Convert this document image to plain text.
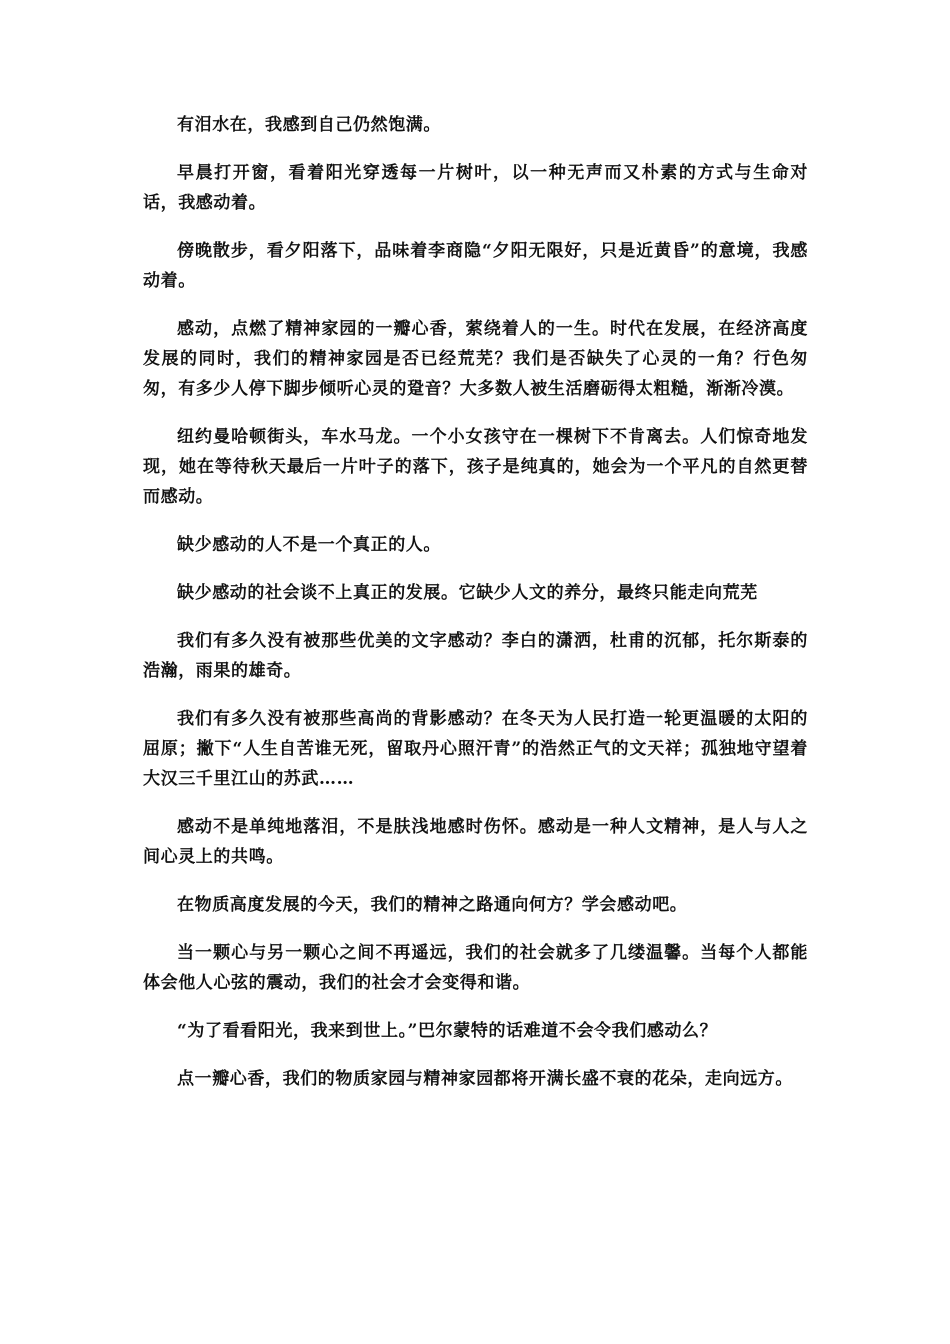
有泪水在，我感到自己仍然饱满。

早晨打开窗，看着阳光穿透每一片树叶，以一种无声而又朴素的方式与生命对话，我感动着。

傍晚散步，看夕阳落下，品味着李商隐“夕阳无限好，只是近黄昏”的意境，我感动着。

感动，点燃了精神家园的一瓣心香，萦绕着人的一生。时代在发展，在经济高度发展的同时，我们的精神家园是否已经荒芜？我们是否缺失了心灵的一角？行色匆匆，有多少人停下脚步倾听心灵的跫音？大多数人被生活磨砺得太粗糙，渐渐冷漠。

纽约曼哈顿街头，车水马龙。一个小女孩守在一棵树下不肯离去。人们惊奇地发现，她在等待秋天最后一片叶子的落下，孩子是纯真的，她会为一个平凡的自然更替而感动。

缺少感动的人不是一个真正的人。

缺少感动的社会谈不上真正的发展。它缺少人文的养分，最终只能走向荒芜

我们有多久没有被那些优美的文字感动？李白的潇洒，杜甫的沉郁，托尔斯泰的浩瀚，雨果的雄奇。

我们有多久没有被那些高尚的背影感动？在冬天为人民打造一轮更温暖的太阳的屈原；撇下“人生自苦谁无死，留取丹心照汗青”的浩然正气的文天祥；孤独地守望着大汉三千里江山的苏武……

感动不是单纯地落泪，不是肤浅地感时伤怀。感动是一种人文精神，是人与人之间心灵上的共鸣。

在物质高度发展的今天，我们的精神之路通向何方？学会感动吧。

当一颗心与另一颗心之间不再遥远，我们的社会就多了几缕温馨。当每个人都能体会他人心弦的震动，我们的社会才会变得和谐。

“为了看看阳光，我来到世上。”巴尔蒙特的话难道不会令我们感动么？

点一瓣心香，我们的物质家园与精神家园都将开满长盛不衰的花朵，走向远方。
